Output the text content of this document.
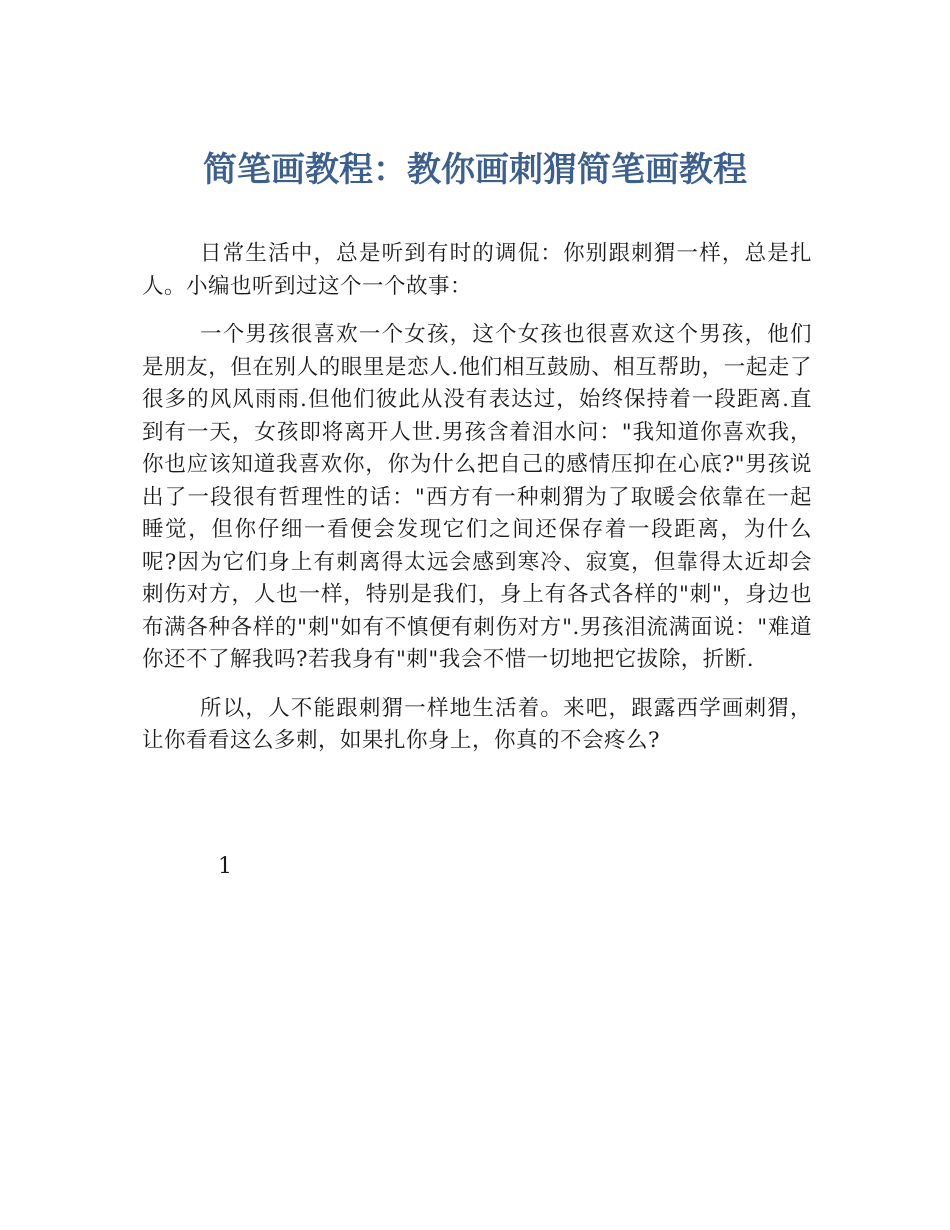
简笔画教程：教你画刺猬简笔画教程

日常生活中，总是听到有时的调侃：你别跟刺猬一样，总是扎人。小编也听到过这个一个故事：

一个男孩很喜欢一个女孩，这个女孩也很喜欢这个男孩，他们是朋友，但在别人的眼里是恋人.他们相互鼓励、相互帮助，一起走了很多的风风雨雨.但他们彼此从没有表达过，始终保持着一段距离.直到有一天，女孩即将离开人世.男孩含着泪水问："我知道你喜欢我，你也应该知道我喜欢你，你为什么把自己的感情压抑在心底?"男孩说出了一段很有哲理性的话："西方有一种刺猬为了取暖会依靠在一起睡觉，但你仔细一看便会发现它们之间还保存着一段距离，为什么呢?因为它们身上有刺离得太远会感到寒冷、寂寞，但靠得太近却会刺伤对方，人也一样，特别是我们，身上有各式各样的"刺"，身边也布满各种各样的"刺"如有不慎便有刺伤对方".男孩泪流满面说："难道你还不了解我吗?若我身有"刺"我会不惜一切地把它拔除，折断.

所以，人不能跟刺猬一样地生活着。来吧，跟露西学画刺猬，让你看看这么多刺，如果扎你身上，你真的不会疼么?

1
